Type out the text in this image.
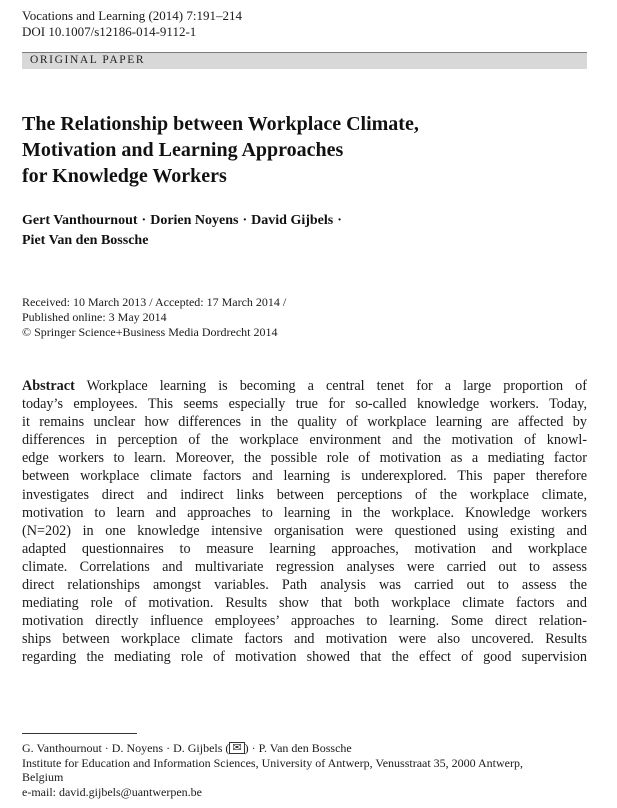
Vocations and Learning (2014) 7:191–214
DOI 10.1007/s12186-014-9112-1
ORIGINAL PAPER
The Relationship between Workplace Climate,
Motivation and Learning Approaches
for Knowledge Workers
Gert Vanthournout · Dorien Noyens · David Gijbels ·
Piet Van den Bossche
Received: 10 March 2013 / Accepted: 17 March 2014 /
Published online: 3 May 2014
© Springer Science+Business Media Dordrecht 2014
Abstract Workplace learning is becoming a central tenet for a large proportion of
today’s employees. This seems especially true for so-called knowledge workers. Today,
it remains unclear how differences in the quality of workplace learning are affected by
differences in perception of the workplace environment and the motivation of knowl-
edge workers to learn. Moreover, the possible role of motivation as a mediating factor
between workplace climate factors and learning is underexplored. This paper therefore
investigates direct and indirect links between perceptions of the workplace climate,
motivation to learn and approaches to learning in the workplace. Knowledge workers
(N=202) in one knowledge intensive organisation were questioned using existing and
adapted questionnaires to measure learning approaches, motivation and workplace
climate. Correlations and multivariate regression analyses were carried out to assess
direct relationships amongst variables. Path analysis was carried out to assess the
mediating role of motivation. Results show that both workplace climate factors and
motivation directly influence employees’ approaches to learning. Some direct relation-
ships between workplace climate factors and motivation were also uncovered. Results
regarding the mediating role of motivation showed that the effect of good supervision
G. Vanthournout · D. Noyens · D. Gijbels ( ✉ ) · P. Van den Bossche
Institute for Education and Information Sciences, University of Antwerp, Venusstraat 35, 2000 Antwerp,
Belgium
e-mail: david.gijbels@uantwerpen.be
